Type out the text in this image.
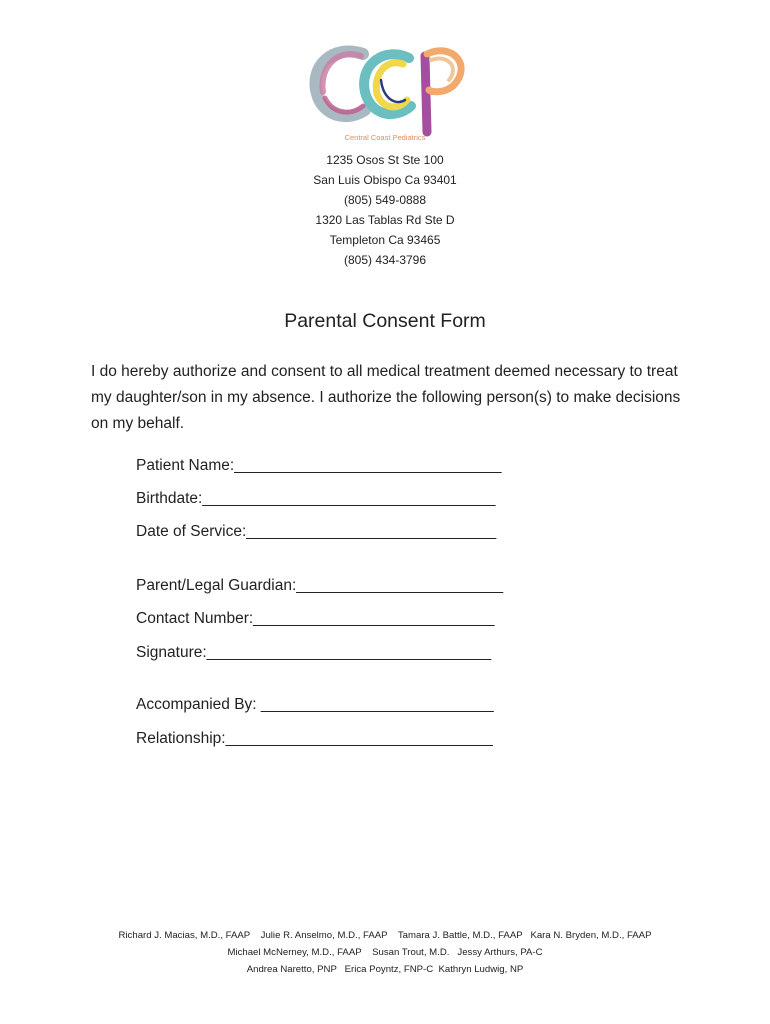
Central Coast Pediatrics
1235 Osos St Ste 100
San Luis Obispo Ca 93401
(805) 549-0888
1320 Las Tablas Rd Ste D
Templeton Ca 93465
(805) 434-3796
Parental Consent Form
I do hereby authorize and consent to all medical treatment deemed necessary to treat my daughter/son in my absence. I authorize the following person(s) to make decisions on my behalf.
Patient Name:_______________________________
Birthdate:__________________________________
Date of Service:_____________________________
Parent/Legal Guardian:________________________
Contact Number:____________________________
Signature:_________________________________
Accompanied By: ___________________________
Relationship:_______________________________
Richard J. Macias, M.D., FAAP    Julie R. Anselmo, M.D., FAAP    Tamara J. Battle, M.D., FAAP   Kara N. Bryden, M.D., FAAP
Michael McNerney, M.D., FAAP    Susan Trout, M.D.   Jessy Arthurs, PA-C
Andrea Naretto, PNP   Erica Poyntz, FNP-C  Kathryn Ludwig, NP
